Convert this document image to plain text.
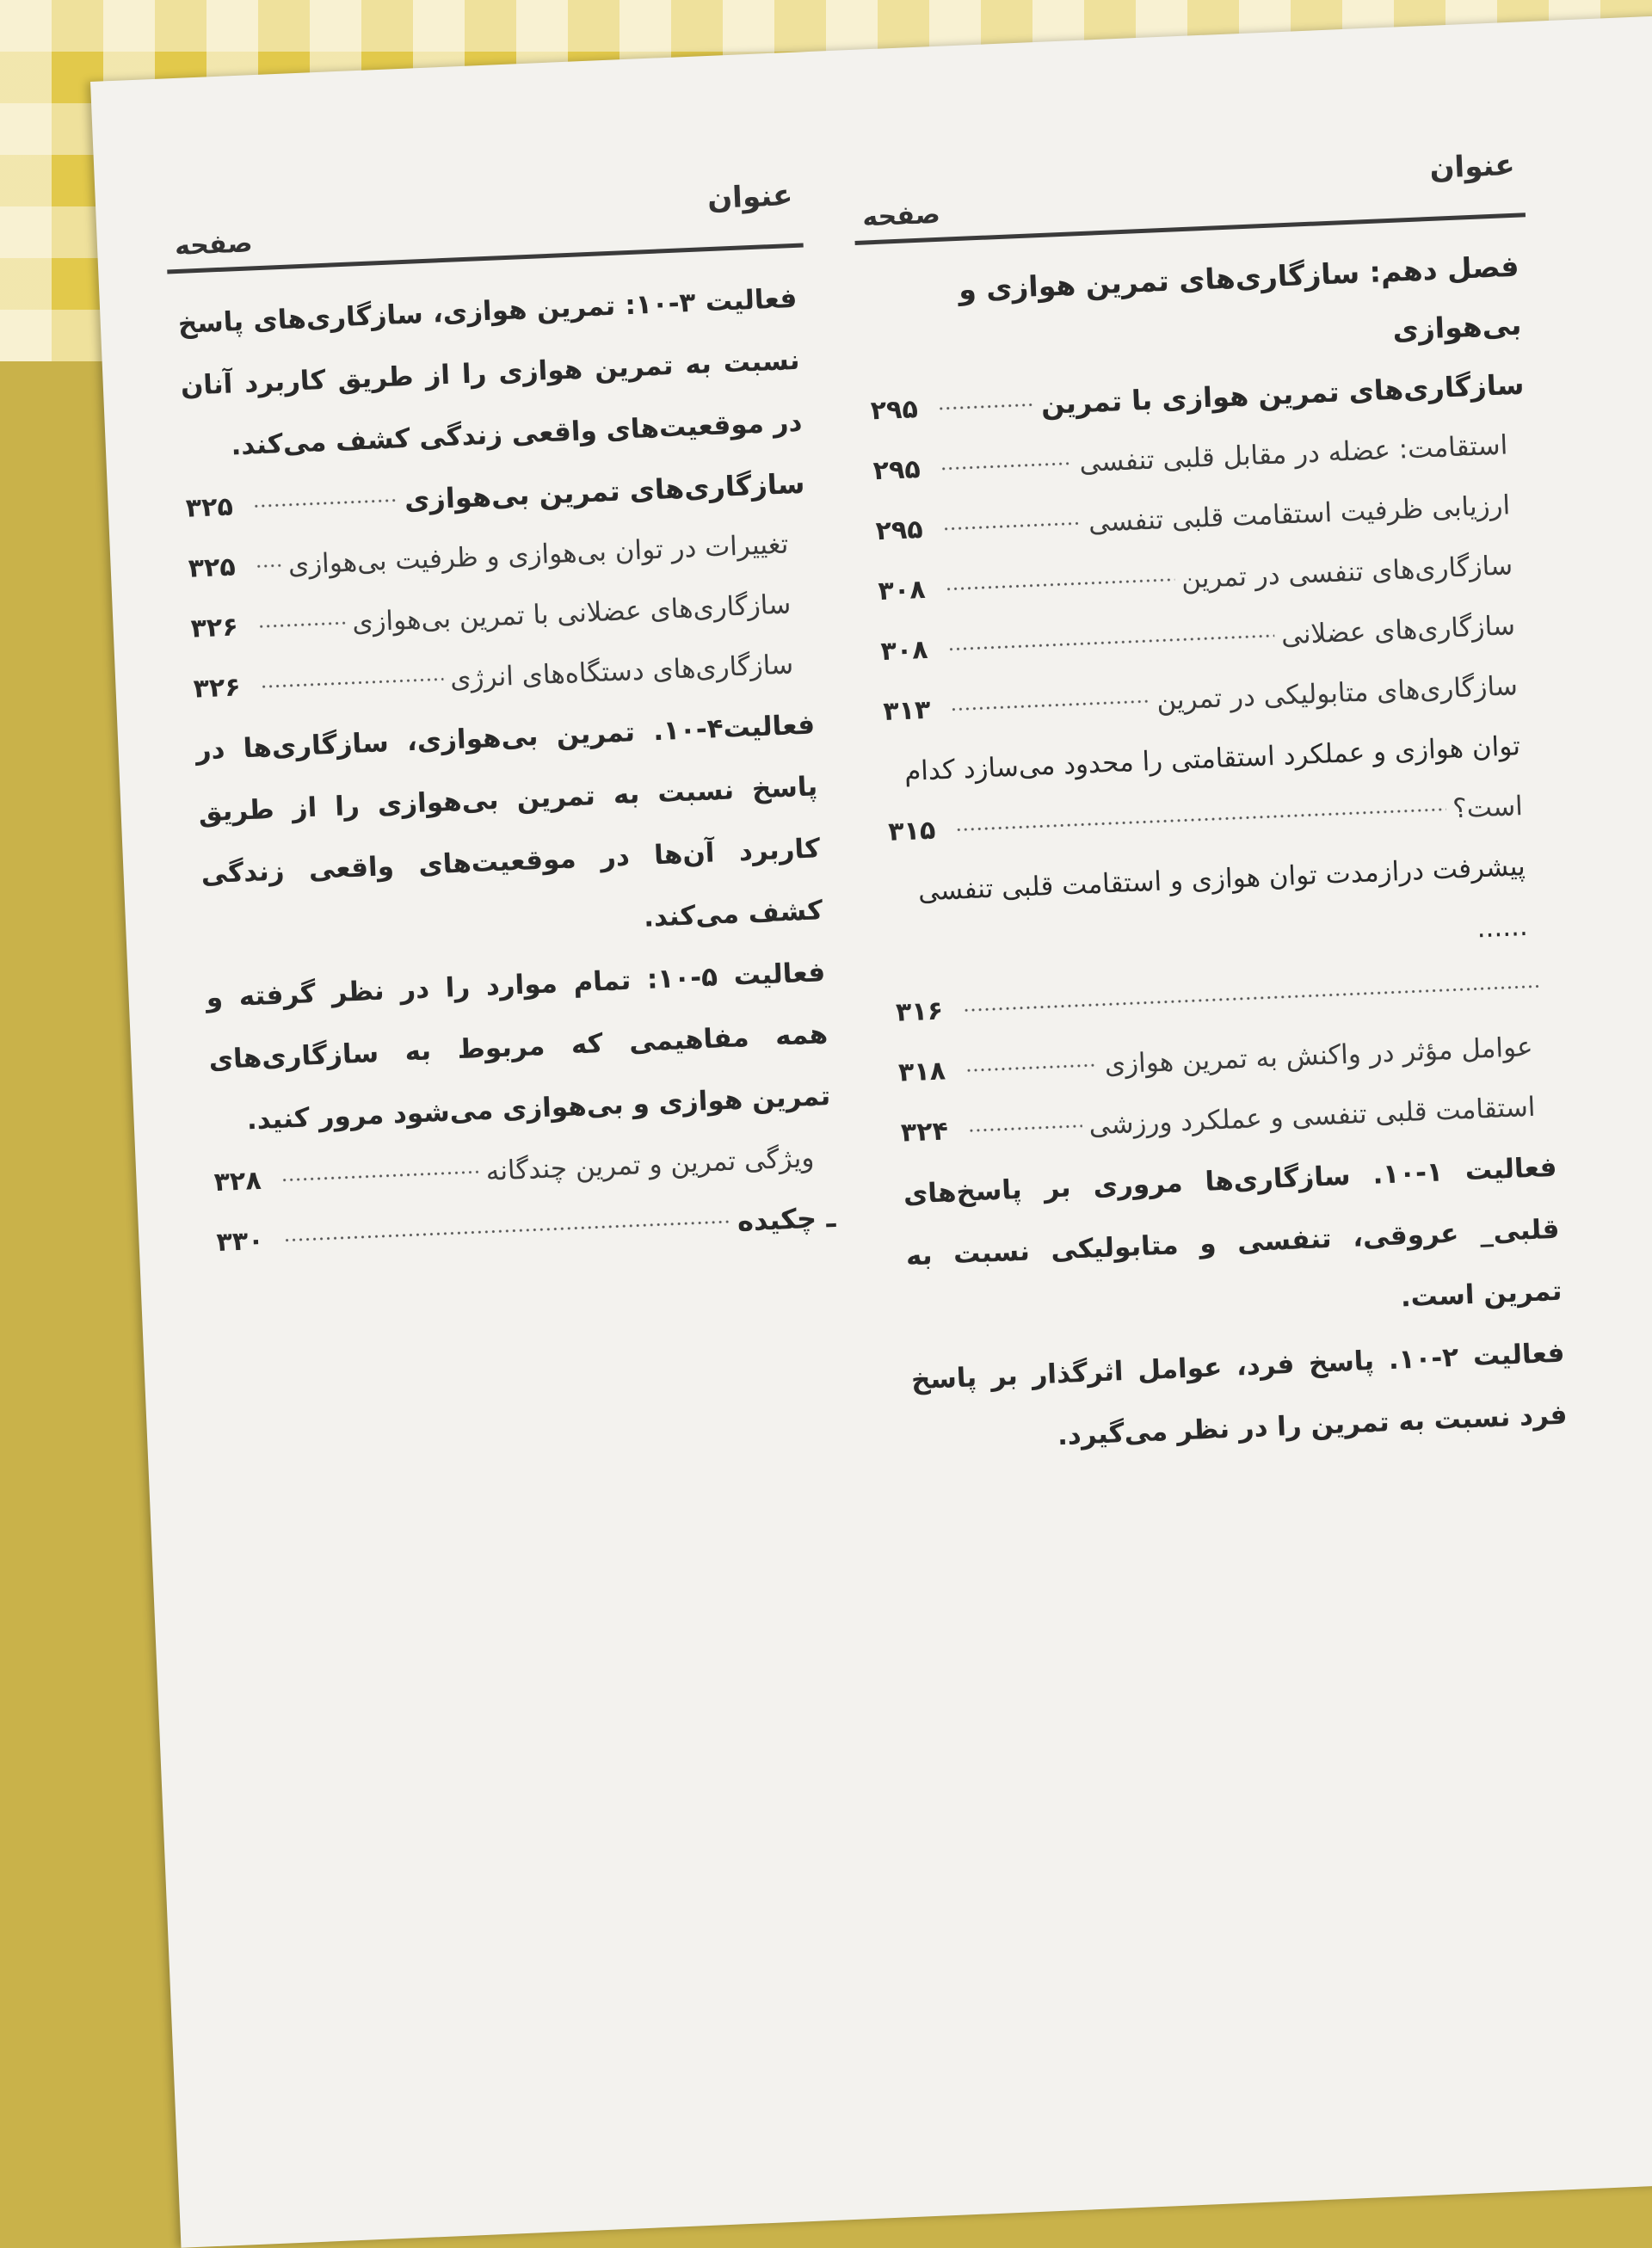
عنوان
صفحه
فصل دهم: سازگاری‌های تمرین هوازی و بی‌هوازی
سازگاری‌های تمرین هوازی با تمرین
۲۹۵
استقامت: عضله در مقابل قلبی تنفسی
۲۹۵
ارزیابی ظرفیت استقامت قلبی تنفسی
۲۹۵
سازگاری‌های تنفسی در تمرین
۳۰۸
سازگاری‌های عضلانی
۳۰۸
سازگاری‌های متابولیکی در تمرین
۳۱۳
توان هوازی و عملکرد استقامتی را محدود می‌سازد کدام
است؟
۳۱۵
پیشرفت درازمدت توان هوازی و استقامت قلبی تنفسی ......
۳۱۶
عوامل مؤثر در واکنش به تمرین هوازی
۳۱۸
استقامت قلبی تنفسی و عملکرد ورزشی
۳۲۴
فعالیت ۱-۱۰. سازگاری‌ها مروری بر پاسخ‌های قلبی_ عروقی، تنفسی و متابولیکی نسبت به تمرین است.
فعالیت ۲-۱۰. پاسخ فرد، عوامل اثرگذار بر پاسخ فرد نسبت به تمرین را در نظر می‌گیرد.
عنوان
صفحه
فعالیت ۳-۱۰: تمرین هوازی، سازگاری‌های پاسخ نسبت به تمرین هوازی را از طریق کاربرد آنان در موقعیت‌های واقعی زندگی کشف می‌کند.
سازگاری‌های تمرین بی‌هوازی
۳۲۵
تغییرات در توان بی‌هوازی و ظرفیت بی‌هوازی
۳۲۵
سازگاری‌های عضلانی با تمرین بی‌هوازی
۳۲۶
سازگاری‌های دستگاه‌های انرژی
۳۲۶
فعالیت۴-۱۰. تمرین بی‌هوازی، سازگاری‌ها در پاسخ نسبت به تمرین بی‌هوازی را از طریق کاربرد آن‌ها در موقعیت‌های واقعی زندگی کشف می‌کند.
فعالیت ۵-۱۰: تمام موارد را در نظر گرفته و همه مفاهیمی که مربوط به سازگاری‌های تمرین هوازی و بی‌هوازی می‌شود مرور کنید.
ویژگی تمرین و تمرین چندگانه
۳۲۸
ـ چکیده
۳۳۰
